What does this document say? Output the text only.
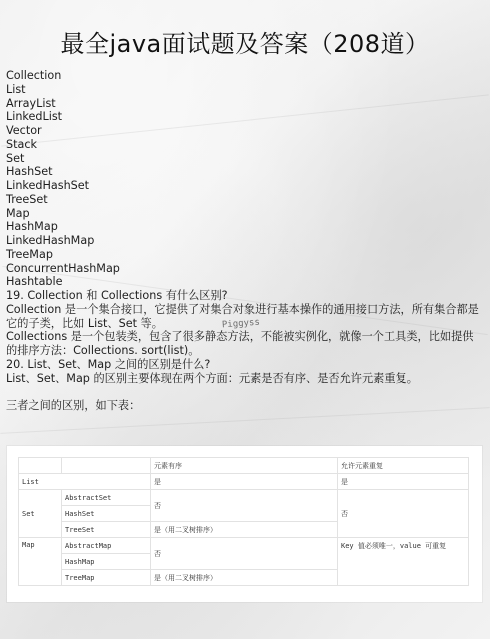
最全java面试题及答案（208道）
Collection
List
ArrayList
LinkedList
Vector
Stack
Set
HashSet
LinkedHashSet
TreeSet
Map
HashMap
LinkedHashMap
TreeMap
ConcurrentHashMap
Hashtable
19. Collection 和 Collections 有什么区别?
Collection 是一个集合接口，它提供了对集合对象进行基本操作的通用接口方法，所有集合都是它的子类，比如 List、Set 等。
Collections 是一个包装类，包含了很多静态方法，不能被实例化，就像一个工具类，比如提供的排序方法：Collections. sort(list)。
20. List、Set、Map 之间的区别是什么?
List、Set、Map 的区别主要体现在两个方面：元素是否有序、是否允许元素重复。
三者之间的区别，如下表：
Piggyss
		元素有序	允许元素重复
List		是	是
Set	AbstractSet	否	否
	HashSet		
	TreeSet	是（用二叉树排序）	
Map	AbstractMap	否	Key 值必须唯一，value 可重复
	HashMap		
	TreeMap	是（用二叉树排序）	
